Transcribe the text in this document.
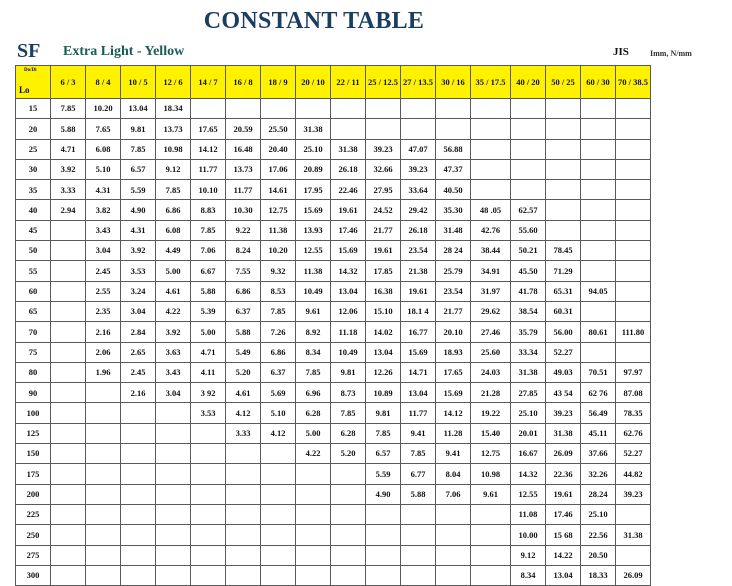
CONSTANT TABLE
SF Extra Light - Yellow	JIS	Imm, N/mm
Do/Di
Lo	6 / 3	8 / 4	10 / 5	12 / 6	14 / 7	16 / 8	18 / 9	20 / 10	22 / 11	25 / 12.5	27 / 13.5	30 / 16	35 / 17.5	40 / 20	50 / 25	60 / 30	70 / 38.5
15	7.85	10.20	13.04	18.34													
20	5.88	7.65	9.81	13.73	17.65	20.59	25.50	31.38									
25	4.71	6.08	7.85	10.98	14.12	16.48	20.40	25.10	31.38	39.23	47.07	56.88					
30	3.92	5.10	6.57	9.12	11.77	13.73	17.06	20.89	26.18	32.66	39.23	47.37					
35	3.33	4.31	5.59	7.85	10.10	11.77	14.61	17.95	22.46	27.95	33.64	40.50					
40	2.94	3.82	4.90	6.86	8.83	10.30	12.75	15.69	19.61	24.52	29.42	35.30	48 .05	62.57			
45		3.43	4.31	6.08	7.85	9.22	11.38	13.93	17.46	21.77	26.18	31.48	42.76	55.60			
50		3.04	3.92	4.49	7.06	8.24	10.20	12.55	15.69	19.61	23.54	28 24	38.44	50.21	78.45		
55		2.45	3.53	5.00	6.67	7.55	9.32	11.38	14.32	17.85	21.38	25.79	34.91	45.50	71.29		
60		2.55	3.24	4.61	5.88	6.86	8.53	10.49	13.04	16.38	19.61	23.54	31.97	41.78	65.31	94.05	
65		2.35	3.04	4.22	5.39	6.37	7.85	9.61	12.06	15.10	18.1 4	21.77	29.62	38.54	60.31		
70		2.16	2.84	3.92	5.00	5.88	7.26	8.92	11.18	14.02	16.77	20.10	27.46	35.79	56.00	80.61	111.80
75		2.06	2.65	3.63	4.71	5.49	6.86	8.34	10.49	13.04	15.69	18.93	25.60	33.34	52.27		
80		1.96	2.45	3.43	4.11	5.20	6.37	7.85	9.81	12.26	14.71	17.65	24.03	31.38	49.03	70.51	97.97
90			2.16	3.04	3 92	4.61	5.69	6.96	8.73	10.89	13.04	15.69	21.28	27.85	43 54	62 76	87.08
100					3.53	4.12	5.10	6.28	7.85	9.81	11.77	14.12	19.22	25.10	39.23	56.49	78.35
125						3.33	4.12	5.00	6.28	7.85	9.41	11.28	15.40	20.01	31.38	45.11	62.76
150								4.22	5.20	6.57	7.85	9.41	12.75	16.67	26.09	37.66	52.27
175										5.59	6.77	8.04	10.98	14.32	22.36	32.26	44.82
200										4.90	5.88	7.06	9.61	12.55	19.61	28.24	39.23
225														11.08	17.46	25.10	
250														10.00	15 68	22.56	31.38
275														9.12	14.22	20.50	
300														8.34	13.04	18.33	26.09
